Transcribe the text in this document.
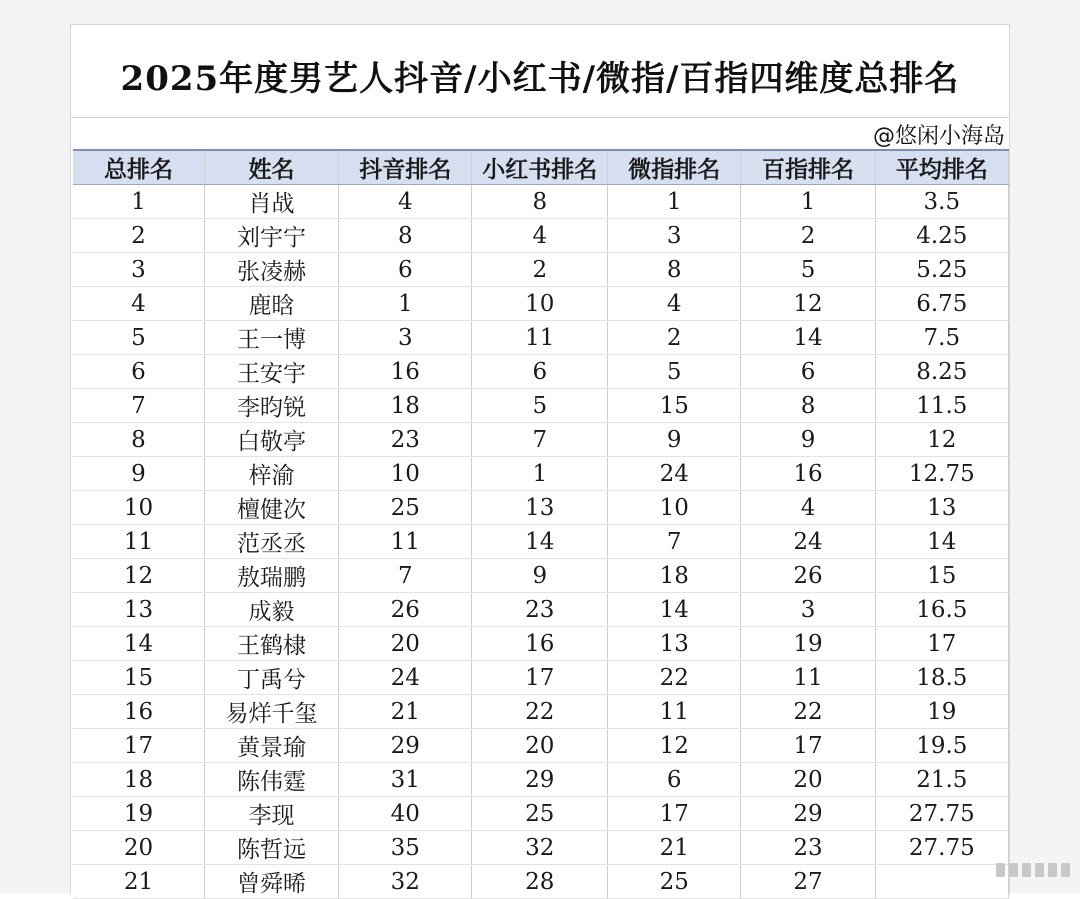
2025年度男艺人抖音/小红书/微指/百指四维度总排名
@悠闲小海岛
总排名	姓名	抖音排名	小红书排名	微指排名	百指排名	平均排名
1	肖战	4	8	1	1	3.5
2	刘宇宁	8	4	3	2	4.25
3	张凌赫	6	2	8	5	5.25
4	鹿晗	1	10	4	12	6.75
5	王一博	3	11	2	14	7.5
6	王安宇	16	6	5	6	8.25
7	李昀锐	18	5	15	8	11.5
8	白敬亭	23	7	9	9	12
9	梓渝	10	1	24	16	12.75
10	檀健次	25	13	10	4	13
11	范丞丞	11	14	7	24	14
12	敖瑞鹏	7	9	18	26	15
13	成毅	26	23	14	3	16.5
14	王鹤棣	20	16	13	19	17
15	丁禹兮	24	17	22	11	18.5
16	易烊千玺	21	22	11	22	19
17	黄景瑜	29	20	12	17	19.5
18	陈伟霆	31	29	6	20	21.5
19	李现	40	25	17	29	27.75
20	陈哲远	35	32	21	23	27.75
21	曾舜晞	32	28	25	27	
